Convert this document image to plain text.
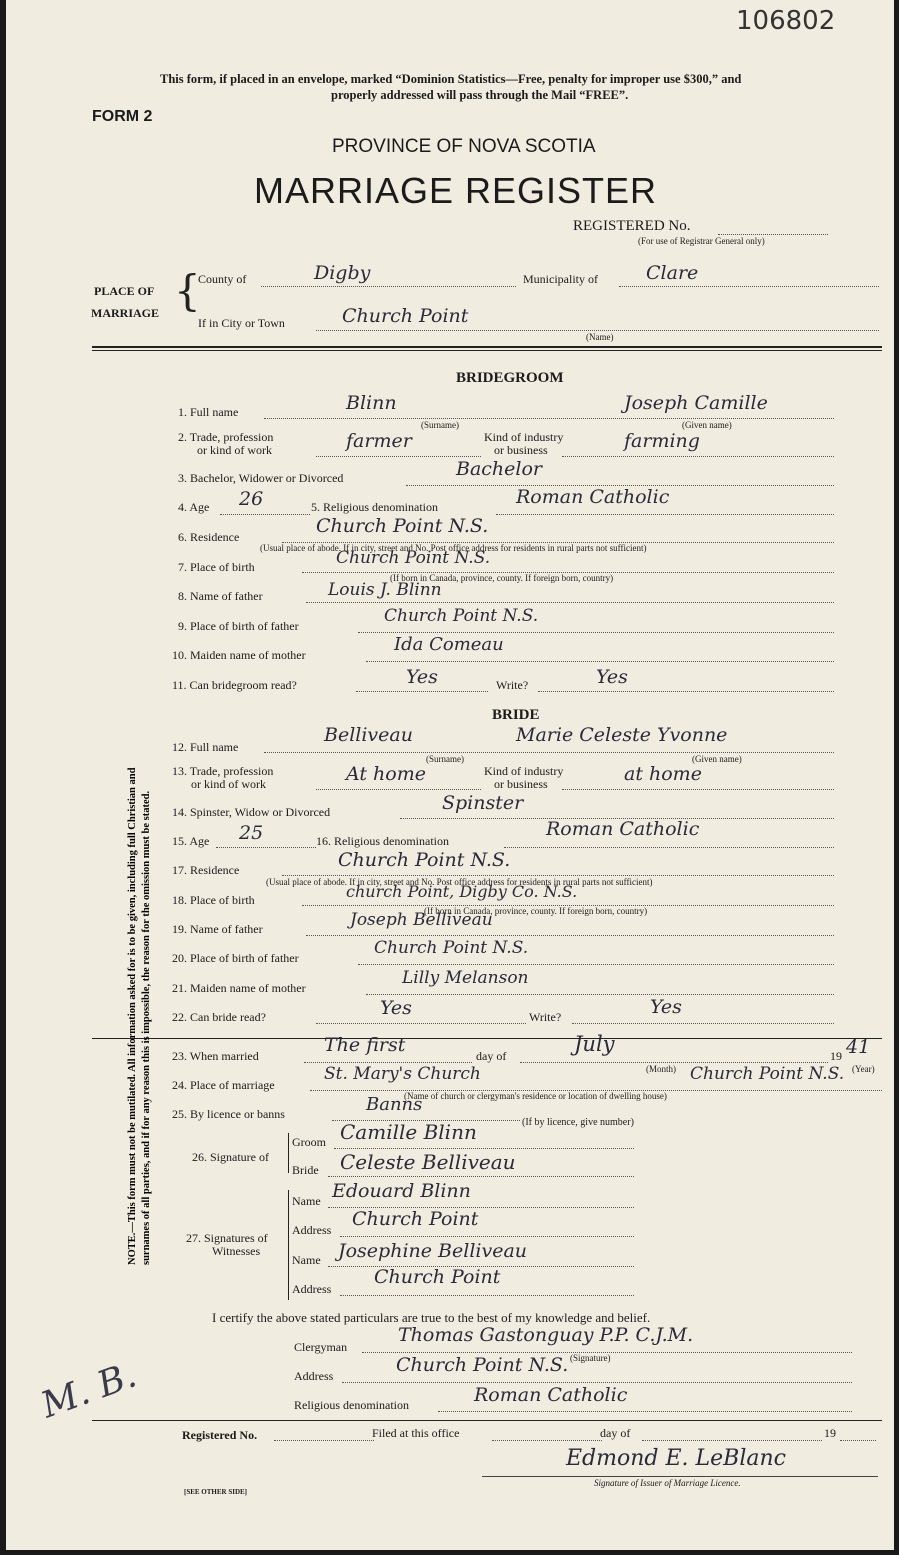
106802
This form, if placed in an envelope, marked “Dominion Statistics—Free, penalty for improper use $300,” and
properly addressed will pass through the Mail “FREE”.
FORM 2
PROVINCE OF NOVA SCOTIA
MARRIAGE REGISTER
REGISTERED No.
(For use of Registrar General only)
PLACE OF
MARRIAGE {
County of	Digby	Municipality of	Clare
If in City or Town	Church Point
(Name)
BRIDEGROOM
1. Full name	Blinn	Joseph Camille
(Surname)	(Given name)
2. Trade, profession
or kind of work	farmer	Kind of industry
or business	farming
3. Bachelor, Widower or Divorced	Bachelor
4. Age 26	5. Religious denomination	Roman Catholic
6. Residence	Church Point N.S.
(Usual place of abode. If in city, street and No. Post office address for residents in rural parts not sufficient)
7. Place of birth	Church Point N.S.
(If born in Canada, province, county. If foreign born, country)
8. Name of father	Louis J. Blinn
9. Place of birth of father	Church Point N.S.
10. Maiden name of mother	Ida Comeau
11. Can bridegroom read?	Yes	Write?	Yes
BRIDE
12. Full name
Belliveau	Marie Celeste Yvonne
(Surname)	(Given name)
13. Trade, profession
or kind of work	At home	Kind of industry
or business	at home
14. Spinster, Widow or Divorced	Spinster
15. Age 25	16. Religious denomination
Roman Catholic
17. Residence	Church Point N.S.
(Usual place of abode. If in city, street and No. Post office address for residents in rural parts not sufficient)
18. Place of birth	church Point, Digby Co. N.S.
(If born in Canada, province, county. If foreign born, country)
19. Name of father	Joseph Belliveau
20. Place of birth of father	Church Point N.S.
21. Maiden name of mother	Lilly Melanson
22. Can bride read?	Yes	Write?	Yes
23. When married	The first	day of	July
(Month)
19 41
(Year)
24. Place of marriage
St. Mary's Church	Church Point N.S.
(Name of church or clergyman's residence or location of dwelling house)
25. By licence or banns	Banns
(If by licence, give number)
26. Signature of
Groom Camille Blinn
Bride Celeste Belliveau
27. Signatures of
Witnesses
Name Edouard Blinn
Address Church Point
Name Josephine Belliveau
Address
Church Point
I certify the above stated particulars are true to the best of my knowledge and belief.
Clergyman
Thomas Gastonguay P.P. C.J.M.
(Signature)
Address	Church Point N.S.
Religious denomination	Roman Catholic
Registered No.	Filed at this office	day of	19
Edmond E. LeBlanc
Signature of Issuer of Marriage Licence.
[SEE OTHER SIDE]
M. B.
NOTE.—This form must not be mutilated. All information asked for is to be given, including full Christian and surnames of all parties, and if for any reason this is impossible, the reason for the omission must be stated.
